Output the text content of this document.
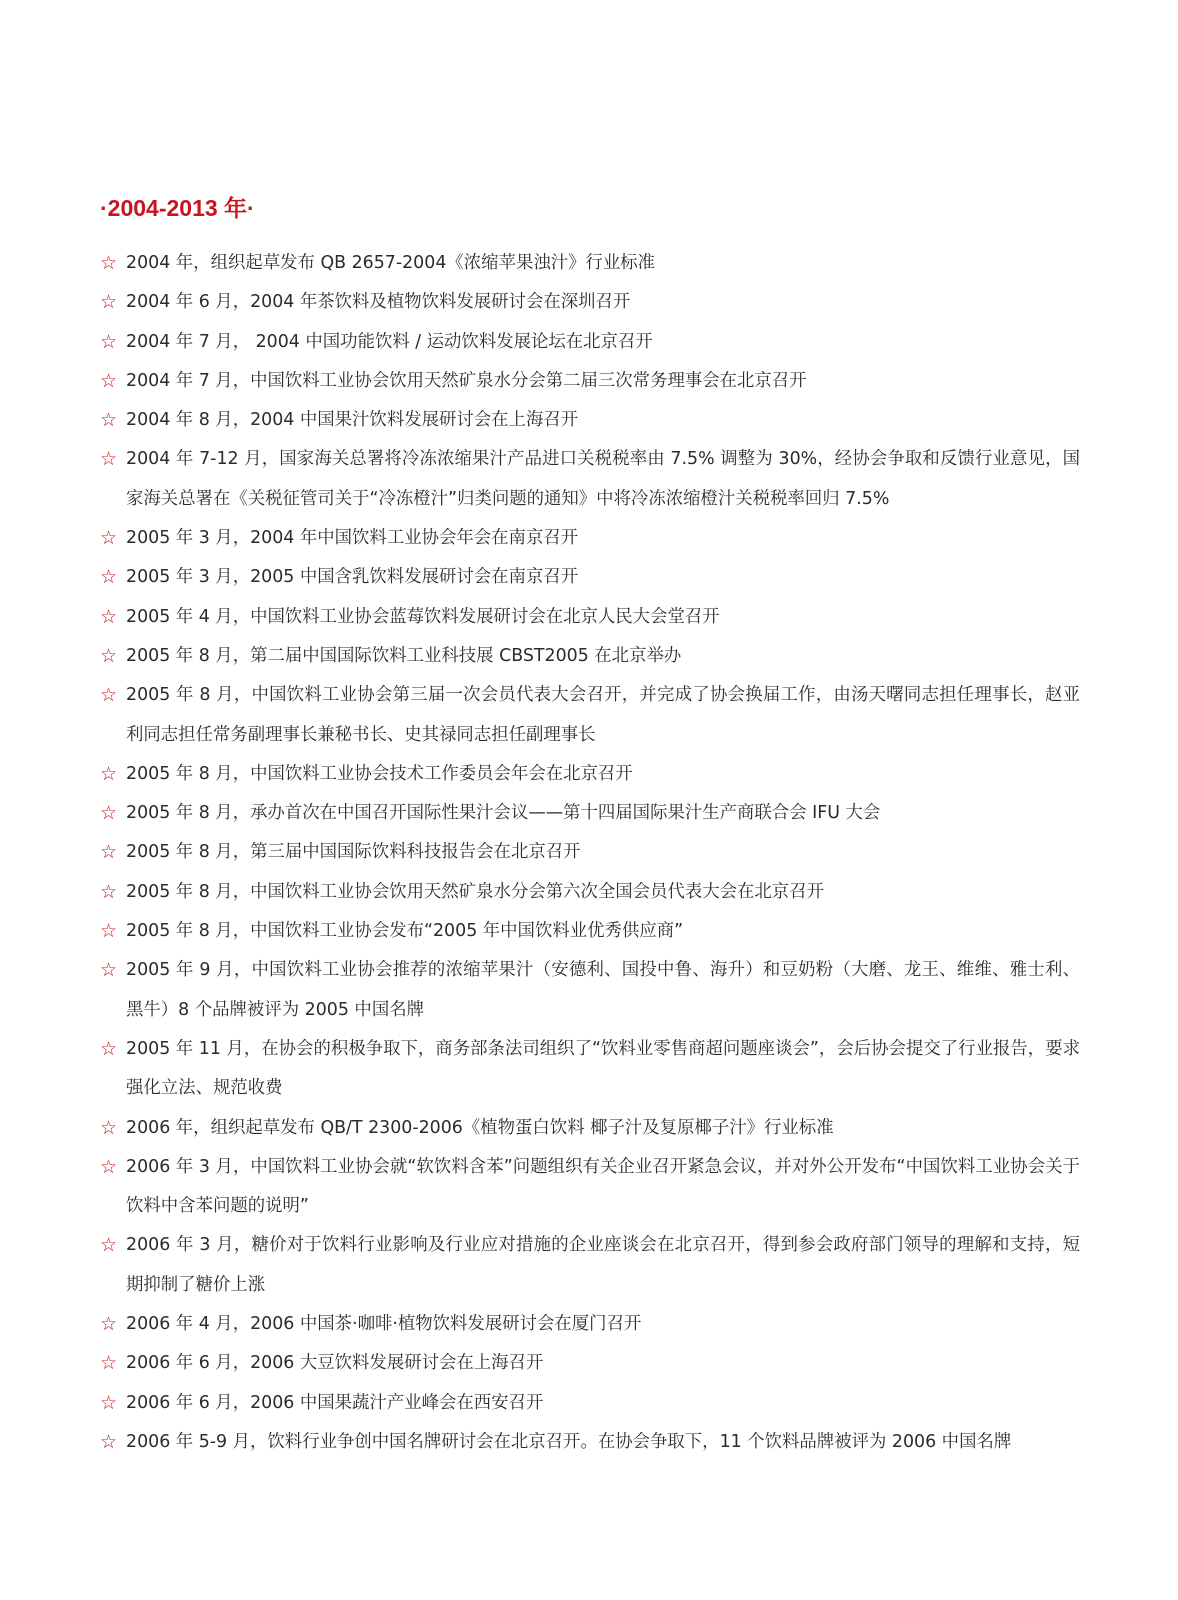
·2004-2013 年·
☆ 2004 年，组织起草发布 QB 2657-2004《浓缩苹果浊汁》行业标准
☆ 2004 年 6 月，2004 年茶饮料及植物饮料发展研讨会在深圳召开
☆ 2004 年 7 月， 2004 中国功能饮料 / 运动饮料发展论坛在北京召开
☆ 2004 年 7 月，中国饮料工业协会饮用天然矿泉水分会第二届三次常务理事会在北京召开
☆ 2004 年 8 月，2004 中国果汁饮料发展研讨会在上海召开
☆ 2004 年 7-12 月，国家海关总署将冷冻浓缩果汁产品进口关税税率由 7.5% 调整为 30%，经协会争取和反馈行业意见，国家海关总署在《关税征管司关于“冷冻橙汁”归类问题的通知》中将冷冻浓缩橙汁关税税率回归 7.5%
☆ 2005 年 3 月，2004 年中国饮料工业协会年会在南京召开
☆ 2005 年 3 月，2005 中国含乳饮料发展研讨会在南京召开
☆ 2005 年 4 月，中国饮料工业协会蓝莓饮料发展研讨会在北京人民大会堂召开
☆ 2005 年 8 月，第二届中国国际饮料工业科技展 CBST2005 在北京举办
☆ 2005 年 8 月，中国饮料工业协会第三届一次会员代表大会召开，并完成了协会换届工作，由汤天曙同志担任理事长，赵亚利同志担任常务副理事长兼秘书长、史其禄同志担任副理事长
☆ 2005 年 8 月，中国饮料工业协会技术工作委员会年会在北京召开
☆ 2005 年 8 月，承办首次在中国召开国际性果汁会议——第十四届国际果汁生产商联合会 IFU 大会
☆ 2005 年 8 月，第三届中国国际饮料科技报告会在北京召开
☆ 2005 年 8 月，中国饮料工业协会饮用天然矿泉水分会第六次全国会员代表大会在北京召开
☆ 2005 年 8 月，中国饮料工业协会发布“2005 年中国饮料业优秀供应商”
☆ 2005 年 9 月，中国饮料工业协会推荐的浓缩苹果汁（安德利、国投中鲁、海升）和豆奶粉（大磨、龙王、维维、雅士利、黑牛）8 个品牌被评为 2005 中国名牌
☆ 2005 年 11 月，在协会的积极争取下，商务部条法司组织了“饮料业零售商超问题座谈会”，会后协会提交了行业报告，要求强化立法、规范收费
☆ 2006 年，组织起草发布 QB/T 2300-2006《植物蛋白饮料 椰子汁及复原椰子汁》行业标准
☆ 2006 年 3 月，中国饮料工业协会就“软饮料含苯”问题组织有关企业召开紧急会议，并对外公开发布“中国饮料工业协会关于饮料中含苯问题的说明”
☆ 2006 年 3 月，糖价对于饮料行业影响及行业应对措施的企业座谈会在北京召开，得到参会政府部门领导的理解和支持，短期抑制了糖价上涨
☆ 2006 年 4 月，2006 中国茶·咖啡·植物饮料发展研讨会在厦门召开
☆ 2006 年 6 月，2006 大豆饮料发展研讨会在上海召开
☆ 2006 年 6 月，2006 中国果蔬汁产业峰会在西安召开
☆ 2006 年 5-9 月，饮料行业争创中国名牌研讨会在北京召开。在协会争取下，11 个饮料品牌被评为 2006 中国名牌
